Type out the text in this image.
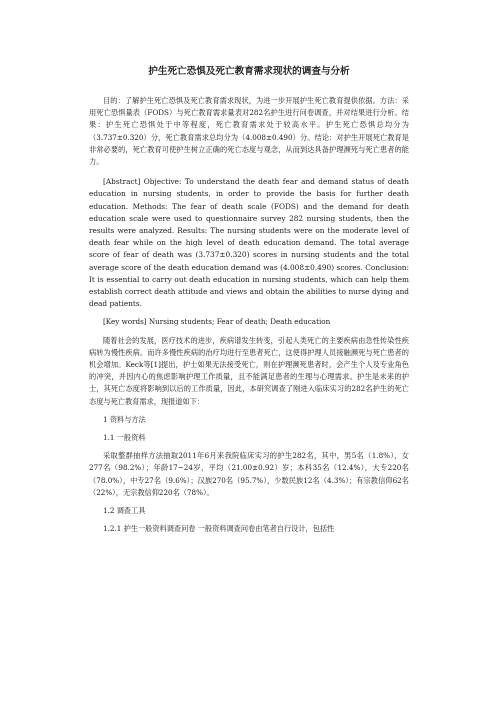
护生死亡恐惧及死亡教育需求现状的调查与分析

目的：了解护生死亡恐惧及死亡教育需求现状，为进一步开展护生死亡教育提供依据。方法：采用死亡恐惧量表（FODS）与死亡教育需求量表对282名护生进行问卷调查，并对结果进行分析。结果：护生死亡恐惧处于中等程度，死亡教育需求处于较高水平。护生死亡恐惧总均分为（3.737±0.320）分，死亡教育需求总均分为（4.008±0.490）分。结论：对护生开展死亡教育是非常必要的，死亡教育可使护生树立正确的死亡态度与观念，从而到达具备护理濒死与死亡患者的能力。

[Abstract] Objective: To understand the death fear and demand status of death education in nursing students, in order to provide the basis for further death education. Methods: The fear of death scale (FODS) and the demand for death education scale were used to questionnaire survey 282 nursing students, then the results were analyzed. Results: The nursing students were on the moderate level of death fear while on the high level of death education demand. The total average score of fear of death was (3.737±0.320) scores in nursing students and the total average score of the death education demand was (4.008±0.490) scores. Conclusion: It is essential to carry out death education in nursing students, which can help them establish correct death attitude and views and obtain the abilities to nurse dying and dead patients.

[Key words] Nursing students; Fear of death; Death education

随着社会的发展，医疗技术的进步，疾病谱发生转变，引起人类死亡的主要疾病由急性传染性疾病转为慢性疾病。而许多慢性疾病的治疗均进行至患者死亡，这使得护理人员接触濒死与死亡患者的机会增加。Keck等[1]提出，护士如果无法接受死亡，则在护理濒死患者时，会产生个人及专业角色的冲突，并因内心的焦虑影响护理工作质量，且不能满足患者的生理与心理需求。护生是未来的护士，其死亡态度将影响到以后的工作质量，因此，本研究调查了刚进入临床实习的282名护生的死亡态度与死亡教育需求，现报道如下：

1 资料与方法

1.1 一般资料

采取整群抽样方法抽取2011年6月来我院临床实习的护生282名，其中，男5名（1.8%），女277名（98.2%）；年龄17~24岁，平均（21.00±0.92）岁；本科35名（12.4%），大专220名（78.0%），中专27名（9.6%）；汉族270名（95.7%），少数民族12名（4.3%）；有宗教信仰62名（22%），无宗教信仰220名（78%）。

1.2 调查工具

1.2.1 护生一般资料调查问卷 一般资料调查问卷由笔者自行设计，包括性
